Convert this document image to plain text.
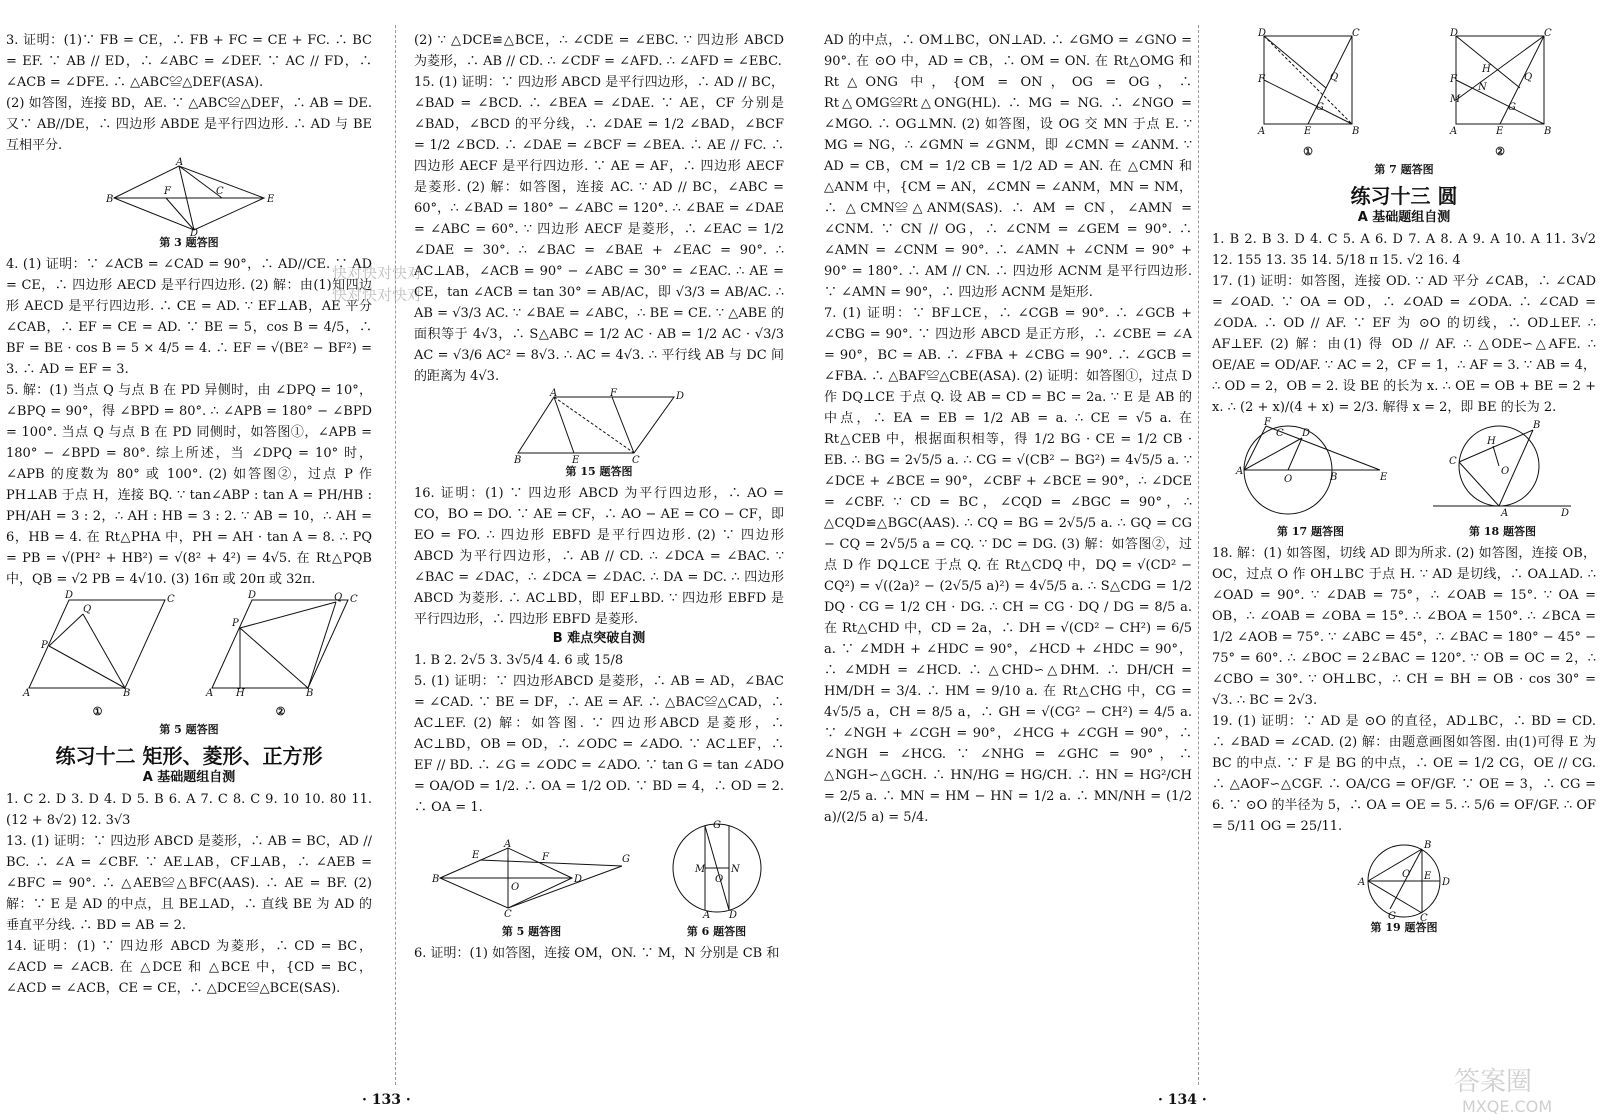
3. 证明：(1)∵ FB = CE，∴ FB + FC = CE + FC. ∴ BC = EF. ∵ AB // ED，∴ ∠ABC = ∠DEF. ∵ AC // FD，∴ ∠ACB = ∠DFE. ∴ △ABC≌△DEF(ASA).

(2) 如答图，连接 BD，AE. ∵ △ABC≌△DEF，∴ AB = DE. 又∵ AB//DE，∴ 四边形 ABDE 是平行四边形. ∴ AD 与 BE 互相平分.

B
A
E
D
F	C
第 3 题答图

4. (1) 证明：∵ ∠ACB = ∠CAD = 90°，∴ AD//CE. ∵ AD = CE，∴ 四边形 AECD 是平行四边形. (2) 解：由(1)知四边形 AECD 是平行四边形. ∴ CE = AD. ∵ EF⊥AB，AE 平分 ∠CAB，∴ EF = CE = AD. ∵ BE = 5，cos B = 4/5，∴ BF = BE · cos B = 5 × 4/5 = 4. ∴ EF = √(BE² − BF²) = 3. ∴ AD = EF = 3.

5. 解：(1) 当点 Q 与点 B 在 PD 异侧时，由 ∠DPQ = 10°，∠BPQ = 90°，得 ∠BPD = 80°. ∴ ∠APB = 180° − ∠BPD = 100°. 当点 Q 与点 B 在 PD 同侧时，如答图①，∠APB = 180° − ∠BPD = 80°. 综上所述，当 ∠DPQ = 10° 时，∠APB 的度数为 80° 或 100°. (2) 如答图②，过点 P 作 PH⊥AB 于点 H，连接 BQ. ∵ tan∠ABP : tan A = PH/HB : PH/AH = 3 : 2，∴ AH : HB = 3 : 2. ∵ AB = 10，∴ AH = 6，HB = 4. 在 Rt△PHA 中，PH = AH · tan A = 8. ∴ PQ = PB = √(PH² + HB²) = √(8² + 4²) = 4√5. 在 Rt△PQB 中，QB = √2 PB = 4√10. (3) 16π 或 20π 或 32π.

A	B
C
D
P
Q
①
A	B
C
D
P
Q
H
②
第 5 题答图
练习十二 矩形、菱形、正方形
A 基础题组自测

1. C 2. D 3. D 4. D 5. B 6. A 7. C 8. C 9. 10 10. 80 11. (12 + 8√2) 12. 3√3

13. (1) 证明：∵ 四边形 ABCD 是菱形，∴ AB = BC，AD // BC. ∴ ∠A = ∠CBF. ∵ AE⊥AB，CF⊥AB，∴ ∠AEB = ∠BFC = 90°. ∴ △AEB≌△BFC(AAS). ∴ AE = BF. (2) 解：∵ E 是 AD 的中点，且 BE⊥AD，∴ 直线 BE 为 AD 的垂直平分线. ∴ BD = AB = 2.

14. 证明：(1) ∵ 四边形 ABCD 为菱形，∴ CD = BC，∠ACD = ∠ACB. 在 △DCE 和 △BCE 中，{CD = BC，∠ACD = ∠ACB，CE = CE，∴ △DCE≌△BCE(SAS).

快对快对快对
快对快对快对

(2) ∵ △DCE≌△BCE，∴ ∠CDE = ∠EBC. ∵ 四边形 ABCD 为菱形，∴ AB // CD. ∴ ∠CDF = ∠AFD. ∴ ∠AFD = ∠EBC.

15. (1) 证明：∵ 四边形 ABCD 是平行四边形，∴ AD // BC，∠BAD = ∠BCD. ∴ ∠BEA = ∠DAE. ∵ AE，CF 分别是 ∠BAD，∠BCD 的平分线，∴ ∠DAE = 1/2 ∠BAD，∠BCF = 1/2 ∠BCD. ∴ ∠DAE = ∠BCF = ∠BEA. ∴ AE // FC. ∴ 四边形 AECF 是平行四边形. ∵ AE = AF，∴ 四边形 AECF 是菱形. (2) 解：如答图，连接 AC. ∵ AD // BC，∠ABC = 60°，∴ ∠BAD = 180° − ∠ABC = 120°. ∴ ∠BAE = ∠DAE = ∠ABC = 60°. ∵ 四边形 AECF 是菱形，∴ ∠EAC = 1/2 ∠DAE = 30°. ∴ ∠BAC = ∠BAE + ∠EAC = 90°. ∴ AC⊥AB，∠ACB = 90° − ∠ABC = 30° = ∠EAC. ∴ AE = CE，tan ∠ACB = tan 30° = AB/AC，即 √3/3 = AB/AC. ∴ AB = √3/3 AC. ∵ ∠BAE = ∠ABC，∴ BE = CE. ∵ △ABE 的面积等于 4√3，∴ S△ABC = 1/2 AC · AB = 1/2 AC · √3/3 AC = √3/6 AC² = 8√3. ∴ AC = 4√3. ∴ 平行线 AB 与 DC 间的距离为 4√3.

A	F	D
B	E	C
第 15 题答图

16. 证明：(1) ∵ 四边形 ABCD 为平行四边形，∴ AO = CO，BO = DO. ∵ AE = CF，∴ AO − AE = CO − CF，即 EO = FO. ∴ 四边形 EBFD 是平行四边形. (2) ∵ 四边形 ABCD 为平行四边形，∴ AB // CD. ∴ ∠DCA = ∠BAC. ∵ ∠BAC = ∠DAC，∴ ∠DCA = ∠DAC. ∴ DA = DC. ∴ 四边形ABCD 为菱形. ∴ AC⊥BD，即 EF⊥BD. ∵ 四边形 EBFD 是平行四边形，∴ 四边形 EBFD 是菱形.

B 难点突破自测

1. B 2. 2√5 3. 3√5/4 4. 6 或 15/8

5. (1) 证明：∵ 四边形ABCD 是菱形，∴ AB = AD，∠BAC = ∠CAD. ∵ BE = DF，∴ AE = AF. ∴ △BAC≌△CAD，∴ AC⊥EF. (2) 解：如答图. ∵ 四边形ABCD 是菱形，∴ AC⊥BD，OB = OD，∴ ∠ODC = ∠ADO. ∵ AC⊥EF，∴ EF // BD. ∴ ∠G = ∠ODC = ∠ADO. ∵ tan G = tan ∠ADO = OA/OD = 1/2. ∴ OA = 1/2 OD. ∵ BD = 4，∴ OD = 2. ∴ OA = 1.

B
A
D
C
E	F	G
O
第 5 题答图
G
M	N
O
A D
第 6 题答图

6. 证明：(1) 如答图，连接 OM，ON. ∵ M，N 分别是 CB 和

AD 的中点，∴ OM⊥BC，ON⊥AD. ∴ ∠GMO = ∠GNO = 90°. 在 ⊙O 中，AD = CB，∴ OM = ON. 在 Rt△OMG 和 Rt△ONG 中，{OM = ON，OG = OG，∴ Rt△OMG≌Rt△ONG(HL). ∴ MG = NG. ∴ ∠NGO = ∠MGO. ∴ OG⊥MN. (2) 如答图，设 OG 交 MN 于点 E. ∵ MG = NG，∴ ∠GMN = ∠GNM，即 ∠CMN = ∠ANM. ∵ AD = CB，CM = 1/2 CB = 1/2 AD = AN. 在 △CMN 和 △ANM 中，{CM = AN，∠CMN = ∠ANM，MN = NM，∴ △CMN≌△ANM(SAS). ∴ AM = CN，∠AMN = ∠CNM. ∵ CN // OG，∴ ∠CNM = ∠GEM = 90°. ∴ ∠AMN = ∠CNM = 90°. ∴ ∠AMN + ∠CNM = 90° + 90° = 180°. ∴ AM // CN. ∴ 四边形 ACNM 是平行四边形. ∵ ∠AMN = 90°，∴ 四边形 ACNM 是矩形.

7. (1) 证明：∵ BF⊥CE，∴ ∠CGB = 90°. ∴ ∠GCB + ∠CBG = 90°. ∵ 四边形 ABCD 是正方形，∴ ∠CBE = ∠A = 90°，BC = AB. ∴ ∠FBA + ∠CBG = 90°. ∴ ∠GCB = ∠FBA. ∴ △BAF≌△CBE(ASA). (2) 证明：如答图①，过点 D 作 DQ⊥CE 于点 Q. 设 AB = CD = BC = 2a. ∵ E 是 AB 的中点，∴ EA = EB = 1/2 AB = a. ∴ CE = √5 a. 在 Rt△CEB 中，根据面积相等，得 1/2 BG · CE = 1/2 CB · EB. ∴ BG = 2√5/5 a. ∴ CG = √(CB² − BG²) = 4√5/5 a. ∵ ∠DCE + ∠BCE = 90°，∠CBF + ∠BCE = 90°，∴ ∠DCE = ∠CBF. ∵ CD = BC，∠CQD = ∠BGC = 90°，∴ △CQD≌△BGC(AAS). ∴ CQ = BG = 2√5/5 a. ∴ GQ = CG − CQ = 2√5/5 a = CQ. ∵ DC = DG. (3) 解：如答图②，过点 D 作 DQ⊥CE 于点 Q. 在 Rt△CDQ 中，DQ = √(CD² − CQ²) = √((2a)² − (2√5/5 a)²) = 4√5/5 a. ∴ S△CDG = 1/2 DQ · CG = 1/2 CH · DG. ∴ CH = CG · DQ / DG = 8/5 a. 在 Rt△CHD 中，CD = 2a，∴ DH = √(CD² − CH²) = 6/5 a. ∵ ∠MDH + ∠HDC = 90°，∠HCD + ∠HDC = 90°，∴ ∠MDH = ∠HCD. ∴ △CHD∽△DHM. ∴ DH/CH = HM/DH = 3/4. ∴ HM = 9/10 a. 在 Rt△CHG 中，CG = 4√5/5 a，CH = 8/5 a，∴ GH = √(CG² − CH²) = 4/5 a. ∵ ∠NGH + ∠CGH = 90°，∠HCG + ∠CGH = 90°，∴ ∠NGH = ∠HCG. ∵ ∠NHG = ∠GHC = 90°，∴ △NGH∽△GCH. ∴ HN/HG = HG/CH. ∴ HN = HG²/CH = 2/5 a. ∴ MN = HM − HN = 1/2 a. ∴ MN/NH = (1/2 a)/(2/5 a) = 5/4.

D	C
A	E	B
F	Q
G
①
D	C
A	E	B
F
M
N
H
Q
G
②
第 7 题答图
练习十三 圆
A 基础题组自测

1. B 2. B 3. D 4. C 5. A 6. D 7. A 8. A 9. A 10. A 11. 3√2 12. 155 13. 35 14. 5/18 π 15. √2 16. 4

17. (1) 证明：如答图，连接 OD. ∵ AD 平分 ∠CAB，∴ ∠CAD = ∠OAD. ∵ OA = OD，∴ ∠OAD = ∠ODA. ∴ ∠CAD = ∠ODA. ∴ OD // AF. ∵ EF 为 ⊙O 的切线，∴ OD⊥EF. ∴ AF⊥EF. (2) 解：由(1) 得 OD // AF. ∴ △ODE∽△AFE. ∴ OE/AE = OD/AF. ∵ AC = 2，CF = 1，∴ AF = 3. ∵ AB = 4，∴ OD = 2，OB = 2. 设 BE 的长为 x. ∴ OE = OB + BE = 2 + x. ∴ (2 + x)/(4 + x) = 2/3. 解得 x = 2，即 BE 的长为 2.

A
O	B	E
F
C D
第 17 题答图
C
B
A
O
H
D
第 18 题答图

18. 解：(1) 如答图，切线 AD 即为所求. (2) 如答图，连接 OB，OC，过点 O 作 OH⊥BC 于点 H. ∵ AD 是切线，∴ OA⊥AD. ∴ ∠OAD = 90°. ∵ ∠DAB = 75°，∴ ∠OAB = 15°. ∵ OA = OB，∴ ∠OAB = ∠OBA = 15°. ∴ ∠BOA = 150°. ∴ ∠BCA = 1/2 ∠AOB = 75°. ∵ ∠ABC = 45°，∴ ∠BAC = 180° − 45° − 75° = 60°. ∴ ∠BOC = 2∠BAC = 120°. ∵ OB = OC = 2，∴ ∠CBO = 30°. ∵ OH⊥BC，∴ CH = BH = OB · cos 30° = √3. ∴ BC = 2√3.

19. (1) 证明：∵ AD 是 ⊙O 的直径，AD⊥BC，∴ BD = CD. ∴ ∠BAD = ∠CAD. (2) 解：由题意画图如答图. 由(1)可得 E 为 BC 的中点. ∵ F 是 BG 的中点，∴ OE = 1/2 CG，OE // CG. ∴ △AOF∽△CGF. ∴ OA/CG = OF/GF. ∵ OE = 3，∴ CG = 6. ∵ ⊙O 的半径为 5，∴ OA = OE = 5. ∴ 5/6 = OF/GF. ∴ OF = 5/11 OG = 25/11.

A
B
C
D
O E
G
第 19 题答图
· 133 ·	· 134 ·
答案圈
MXQE.COM
